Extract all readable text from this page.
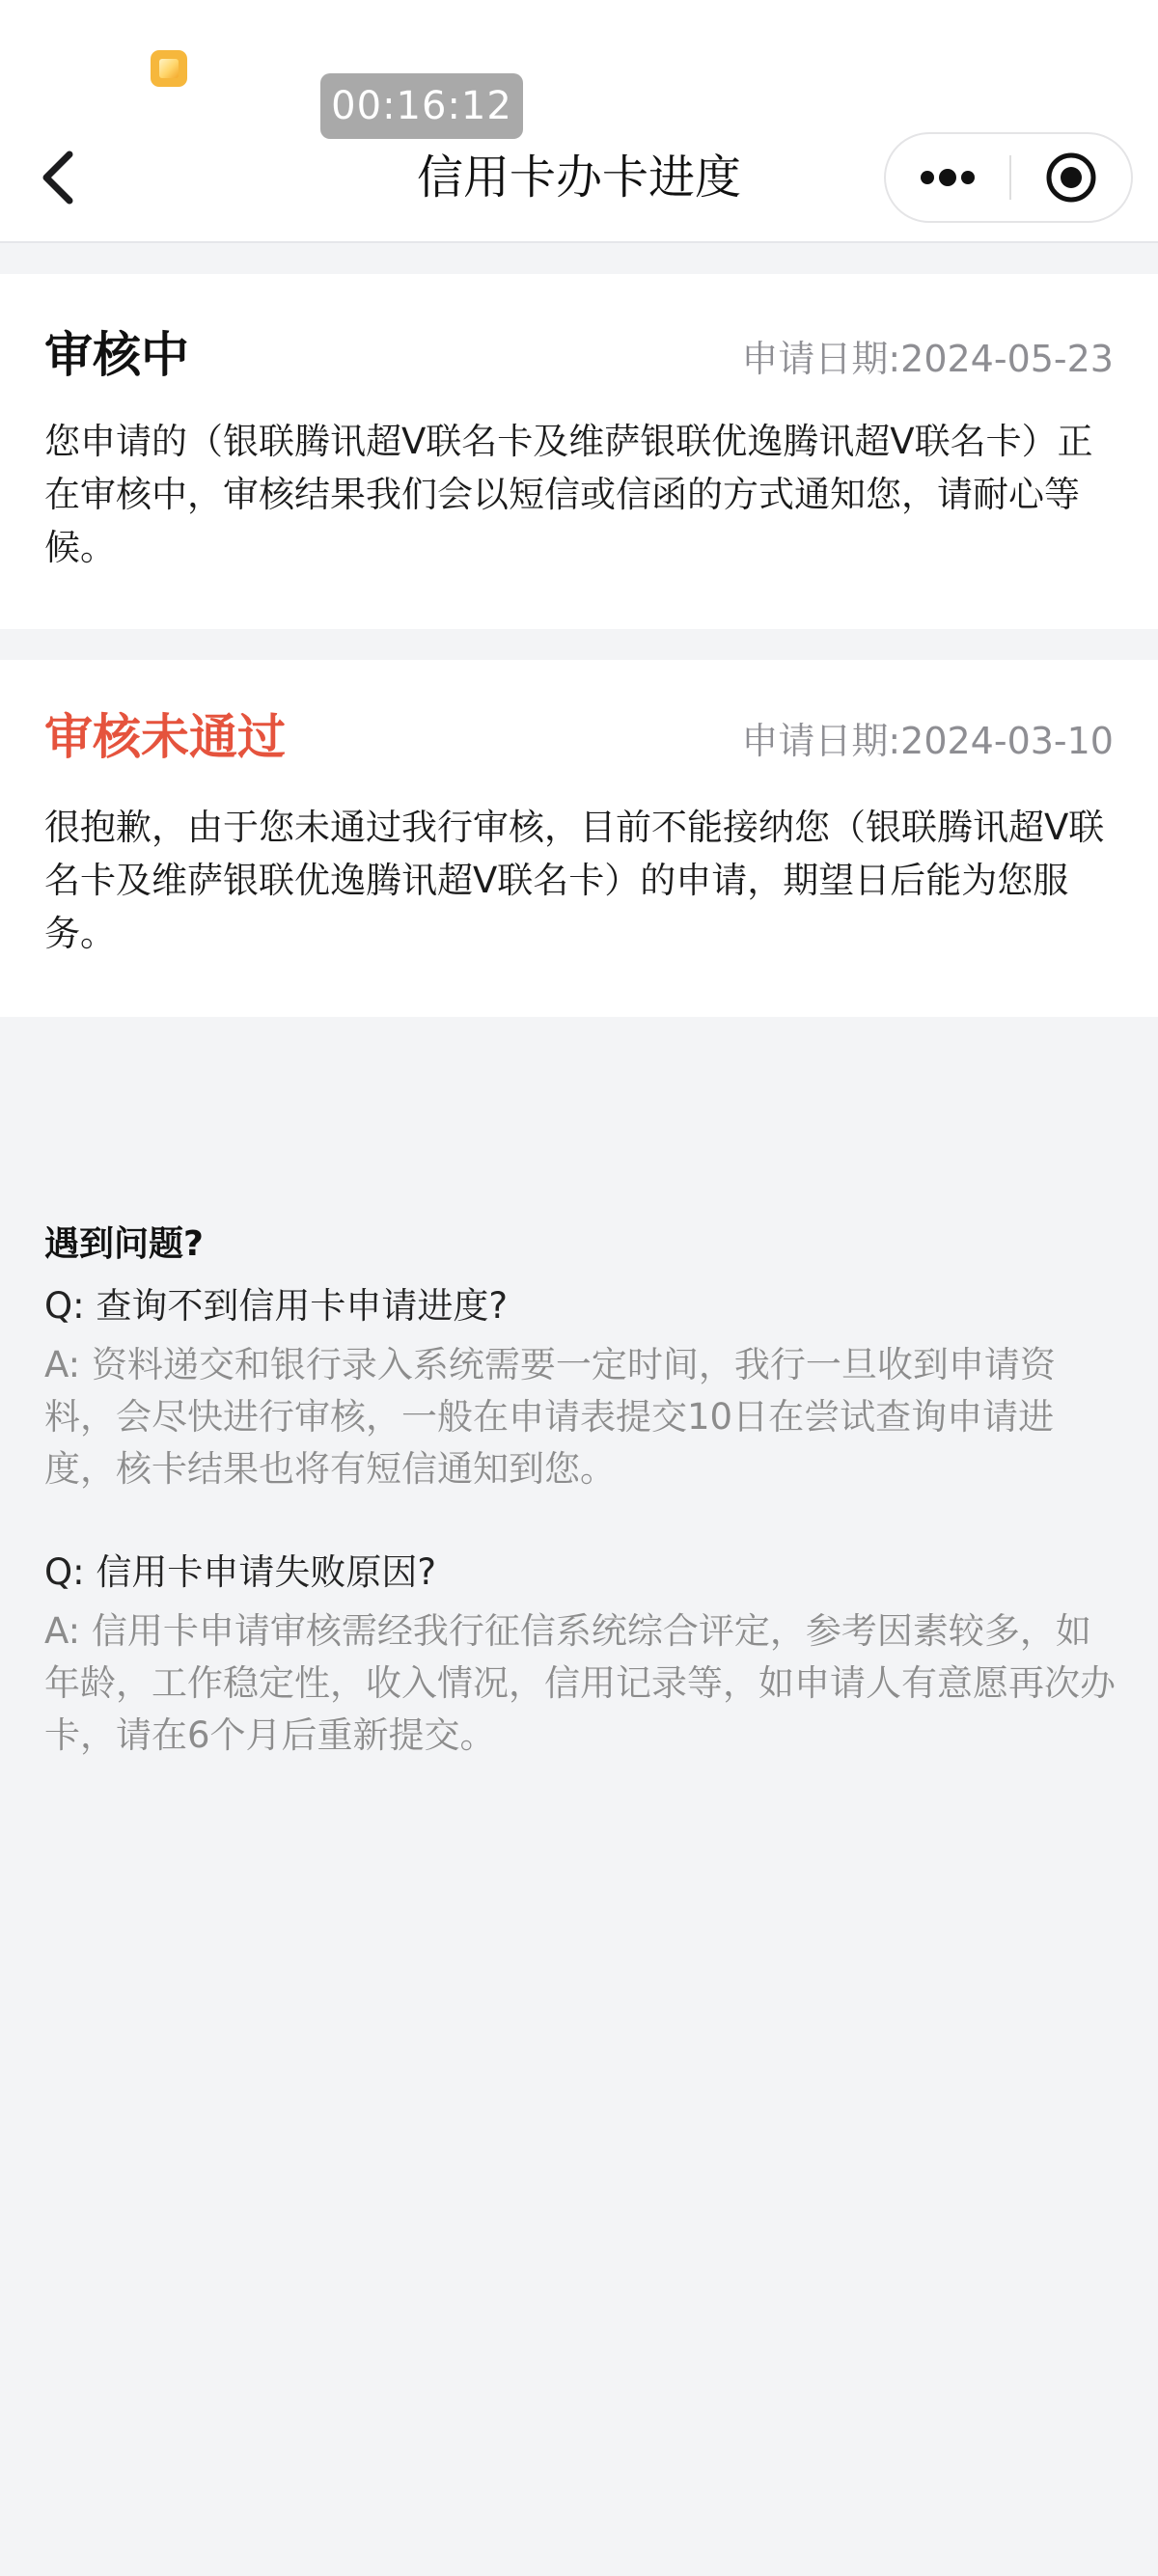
00:16:12
信用卡办卡进度
审核中	申请日期:2024-05-23
您申请的（银联腾讯超V联名卡及维萨银联优逸腾讯超V联名卡）正在审核中，审核结果我们会以短信或信函的方式通知您，请耐心等候。
审核未通过	申请日期:2024-03-10
很抱歉，由于您未通过我行审核，目前不能接纳您（银联腾讯超V联名卡及维萨银联优逸腾讯超V联名卡）的申请，期望日后能为您服务。
遇到问题?
Q: 查询不到信用卡申请进度?
A: 资料递交和银行录入系统需要一定时间，我行一旦收到申请资料，会尽快进行审核，一般在申请表提交10日在尝试查询申请进度，核卡结果也将有短信通知到您。
Q: 信用卡申请失败原因?
A: 信用卡申请审核需经我行征信系统综合评定，参考因素较多，如年龄，工作稳定性，收入情况，信用记录等，如申请人有意愿再次办卡，请在6个月后重新提交。
